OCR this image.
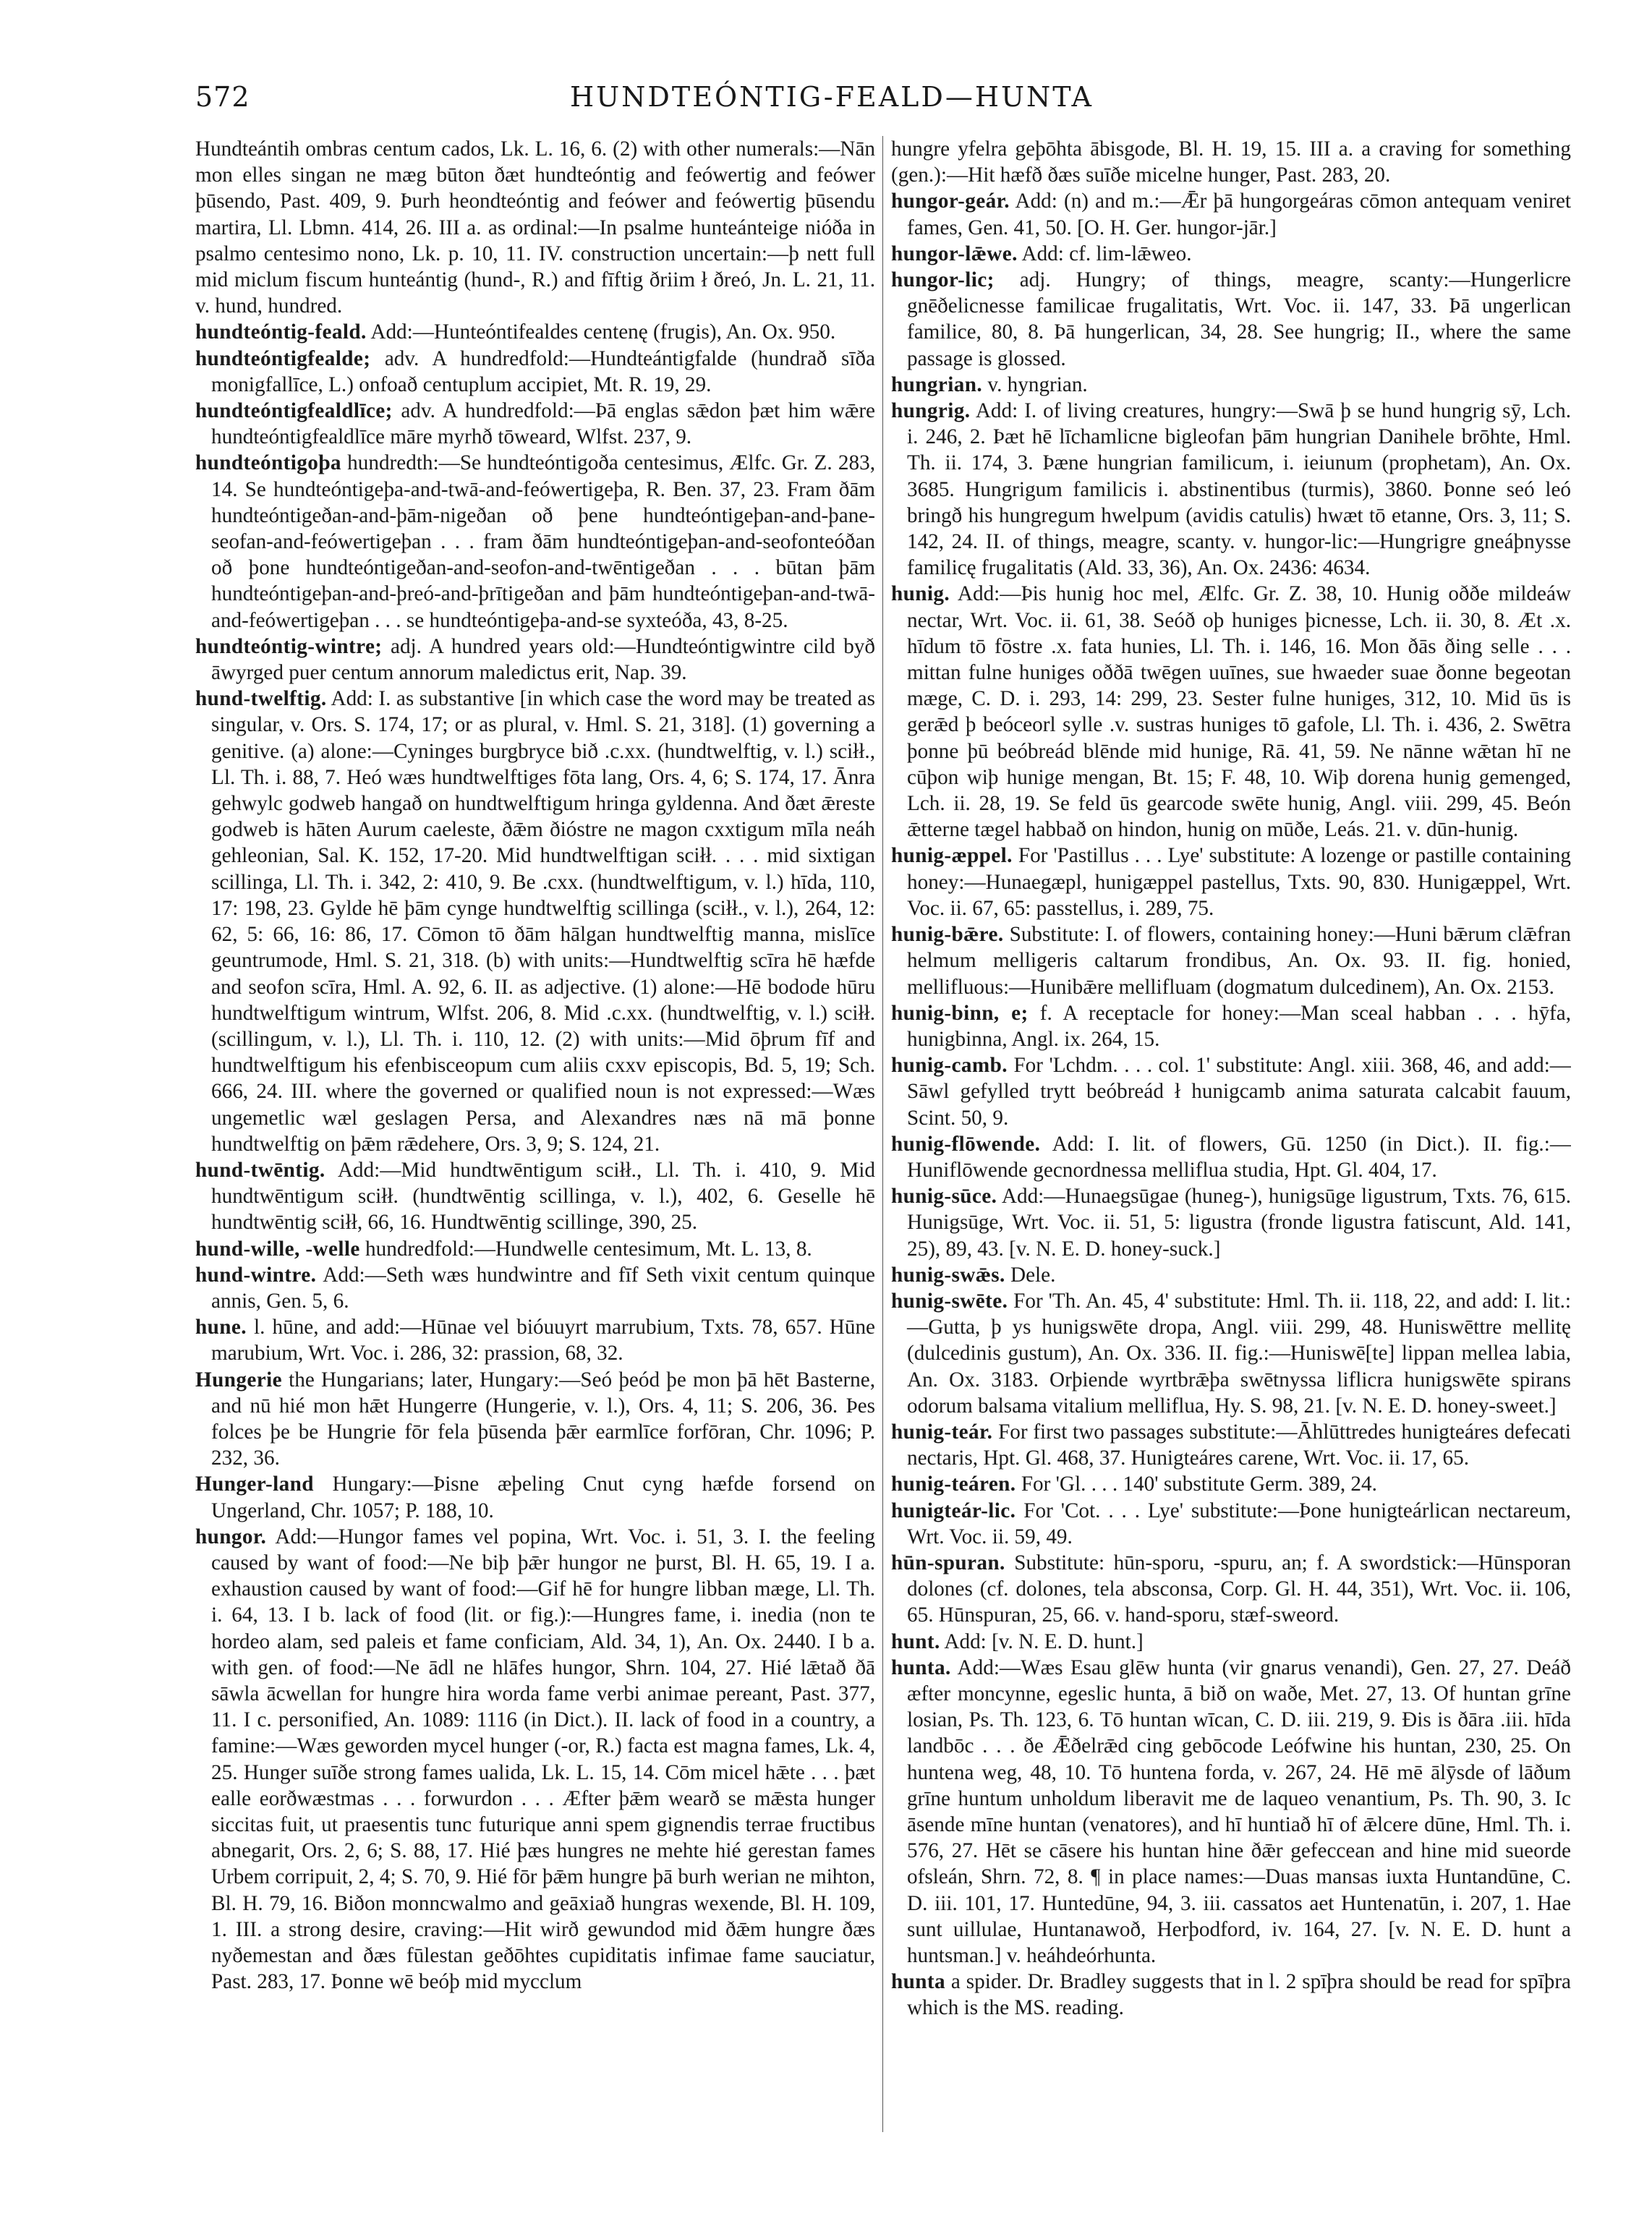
572	HUNDTEÓNTIG-FEALD—HUNTA

Hundteántih ombras centum cados, Lk. L. 16, 6. (2) with other numerals:—Nān mon elles singan ne mæg būton ðæt hundteóntig and feówertig and feówer þūsendo, Past. 409, 9. Þurh heondteóntig and feówer and feówertig þūsendu martira, Ll. Lbmn. 414, 26. III a. as ordinal:—In psalme hunteánteige nióða in psalmo centesimo nono, Lk. p. 10, 11. IV. construction uncertain:—þ nett full mid miclum fiscum hunteántig (hund-, R.) and fīftig ðriim ł ðreó, Jn. L. 21, 11. v. hund, hundred.

hundteóntig-feald. Add:—Hunteóntifealdes centenę (frugis), An. Ox. 950.

hundteóntigfealde; adv. A hundredfold:—Hundteántigfalde (hundrað sīða monigfallīce, L.) onfoað centuplum accipiet, Mt. R. 19, 29.

hundteóntigfealdlīce; adv. A hundredfold:—Þā englas sǣdon þæt him wǣre hundteóntigfealdlīce māre myrhð tōweard, Wlfst. 237, 9.

hundteóntigoþa hundredth:—Se hundteóntigoða centesimus, Ælfc. Gr. Z. 283, 14. Se hundteóntigeþa-and-twā-and-feówertigeþa, R. Ben. 37, 23. Fram ðām hundteóntigeðan-and-þām-nigeðan oð þene hundteóntigeþan-and-þane-seofan-and-feówertigeþan . . . fram ðām hundteóntigeþan-and-seofonteóðan oð þone hundteóntigeðan-and-seofon-and-twēntigeðan . . . būtan þām hundteóntigeþan-and-þreó-and-þrītigeðan and þām hundteóntigeþan-and-twā-and-feówertigeþan . . . se hundteóntigeþa-and-se syxteóða, 43, 8-25.

hundteóntig-wintre; adj. A hundred years old:—Hundteóntigwintre cild byð āwyrged puer centum annorum maledictus erit, Nap. 39.

hund-twelftig. Add: I. as substantive [in which case the word may be treated as singular, v. Ors. S. 174, 17; or as plural, v. Hml. S. 21, 318]. (1) governing a genitive. (a) alone:—Cyninges burgbryce bið .c.xx. (hundtwelftig, v. l.) sciłł., Ll. Th. i. 88, 7. Heó wæs hundtwelftiges fōta lang, Ors. 4, 6; S. 174, 17. Ānra gehwylc godweb hangað on hundtwelftigum hringa gyldenna. And ðæt ǣreste godweb is hāten Aurum caeleste, ðǣm ðióstre ne magon cxxtigum mīla neáh gehleonian, Sal. K. 152, 17-20. Mid hundtwelftigan sciłł. . . . mid sixtigan scillinga, Ll. Th. i. 342, 2: 410, 9. Be .cxx. (hundtwelftigum, v. l.) hīda, 110, 17: 198, 23. Gylde hē þām cynge hundtwelftig scillinga (sciłł., v. l.), 264, 12: 62, 5: 66, 16: 86, 17. Cōmon tō ðām hālgan hundtwelftig manna, mislīce geuntrumode, Hml. S. 21, 318. (b) with units:—Hundtwelftig scīra hē hæfde and seofon scīra, Hml. A. 92, 6. II. as adjective. (1) alone:—Hē bodode hūru hundtwelftigum wintrum, Wlfst. 206, 8. Mid .c.xx. (hundtwelftig, v. l.) sciłł. (scillingum, v. l.), Ll. Th. i. 110, 12. (2) with units:—Mid ōþrum fīf and hundtwelftigum his efenbisceopum cum aliis cxxv episcopis, Bd. 5, 19; Sch. 666, 24. III. where the governed or qualified noun is not expressed:—Wæs ungemetlic wæl geslagen Persa, and Alexandres næs nā mā þonne hundtwelftig on þǣm rǣdehere, Ors. 3, 9; S. 124, 21.

hund-twēntig. Add:—Mid hundtwēntigum sciłł., Ll. Th. i. 410, 9. Mid hundtwēntigum sciłł. (hundtwēntig scillinga, v. l.), 402, 6. Geselle hē hundtwēntig sciłł, 66, 16. Hundtwēntig scillinge, 390, 25.

hund-wille, -welle hundredfold:—Hundwelle centesimum, Mt. L. 13, 8.

hund-wintre. Add:—Seth wæs hundwintre and fīf Seth vixit centum quinque annis, Gen. 5, 6.

hune. l. hūne, and add:—Hūnae vel bióuuyrt marrubium, Txts. 78, 657. Hūne marubium, Wrt. Voc. i. 286, 32: prassion, 68, 32.

Hungerie the Hungarians; later, Hungary:—Seó þeód þe mon þā hēt Basterne, and nū hié mon hǣt Hungerre (Hungerie, v. l.), Ors. 4, 11; S. 206, 36. Þes folces þe be Hungrie fōr fela þūsenda þǣr earmlīce forfōran, Chr. 1096; P. 232, 36.

Hunger-land Hungary:—Þisne æþeling Cnut cyng hæfde forsend on Ungerland, Chr. 1057; P. 188, 10.

hungor. Add:—Hungor fames vel popina, Wrt. Voc. i. 51, 3. I. the feeling caused by want of food:—Ne biþ þǣr hungor ne þurst, Bl. H. 65, 19. I a. exhaustion caused by want of food:—Gif hē for hungre libban mæge, Ll. Th. i. 64, 13. I b. lack of food (lit. or fig.):—Hungres fame, i. inedia (non te hordeo alam, sed paleis et fame conficiam, Ald. 34, 1), An. Ox. 2440. I b a. with gen. of food:—Ne ādl ne hlāfes hungor, Shrn. 104, 27. Hié lǣtað ðā sāwla ācwellan for hungre hira worda fame verbi animae pereant, Past. 377, 11. I c. personified, An. 1089: 1116 (in Dict.). II. lack of food in a country, a famine:—Wæs geworden mycel hunger (-or, R.) facta est magna fames, Lk. 4, 25. Hunger suīðe strong fames ualida, Lk. L. 15, 14. Cōm micel hǣte . . . þæt ealle eorðwæstmas . . . forwurdon . . . Æfter þǣm wearð se mǣsta hunger siccitas fuit, ut praesentis tunc futurique anni spem gignendis terrae fructibus abnegarit, Ors. 2, 6; S. 88, 17. Hié þæs hungres ne mehte hié gerestan fames Urbem corripuit, 2, 4; S. 70, 9. Hié fōr þǣm hungre þā burh werian ne mihton, Bl. H. 79, 16. Biðon monncwalmo and geāxiað hungras wexende, Bl. H. 109, 1. III. a strong desire, craving:—Hit wirð gewundod mid ðǣm hungre ðæs nyðemestan and ðæs fūlestan geðōhtes cupiditatis infimae fame sauciatur, Past. 283, 17. Þonne wē beóþ mid mycclum

hungre yfelra geþōhta ābisgode, Bl. H. 19, 15. III a. a craving for something (gen.):—Hit hæfð ðæs suīðe micelne hunger, Past. 283, 20.

hungor-geár. Add: (n) and m.:—Ǣr þā hungorgeáras cōmon antequam veniret fames, Gen. 41, 50. [O. H. Ger. hungor-jār.]

hungor-lǣwe. Add: cf. lim-lǣweo.

hungor-lic; adj. Hungry; of things, meagre, scanty:—Hungerlicre gnēðelicnesse familicae frugalitatis, Wrt. Voc. ii. 147, 33. Þā ungerlican familice, 80, 8. Þā hungerlican, 34, 28. See hungrig; II., where the same passage is glossed.

hungrian. v. hyngrian.

hungrig. Add: I. of living creatures, hungry:—Swā þ se hund hungrig sȳ, Lch. i. 246, 2. Þæt hē līchamlicne bigleofan þām hungrian Danihele brōhte, Hml. Th. ii. 174, 3. Þæne hungrian familicum, i. ieiunum (prophetam), An. Ox. 3685. Hungrigum familicis i. abstinentibus (turmis), 3860. Þonne seó leó bringð his hungregum hwelpum (avidis catulis) hwæt tō etanne, Ors. 3, 11; S. 142, 24. II. of things, meagre, scanty. v. hungor-lic:—Hungrigre gneáþnysse familicę frugalitatis (Ald. 33, 36), An. Ox. 2436: 4634.

hunig. Add:—Þis hunig hoc mel, Ælfc. Gr. Z. 38, 10. Hunig oððe mildeáw nectar, Wrt. Voc. ii. 61, 38. Seóð oþ huniges þicnesse, Lch. ii. 30, 8. Æt .x. hīdum tō fōstre .x. fata hunies, Ll. Th. i. 146, 16. Mon ðās ðing selle . . . mittan fulne huniges oððā twēgen uuīnes, sue hwaeder suae ðonne begeotan mæge, C. D. i. 293, 14: 299, 23. Sester fulne huniges, 312, 10. Mid ūs is gerǣd þ beóceorl sylle .v. sustras huniges tō gafole, Ll. Th. i. 436, 2. Swētra þonne þū beóbreád blēnde mid hunige, Rā. 41, 59. Ne nānne wǣtan hī ne cūþon wiþ hunige mengan, Bt. 15; F. 48, 10. Wiþ dorena hunig gemenged, Lch. ii. 28, 19. Se feld ūs gearcode swēte hunig, Angl. viii. 299, 45. Beón ǣtterne tægel habbað on hindon, hunig on mūðe, Leás. 21. v. dūn-hunig.

hunig-æppel. For 'Pastillus . . . Lye' substitute: A lozenge or pastille containing honey:—Hunaegæpl, hunigæppel pastellus, Txts. 90, 830. Hunigæppel, Wrt. Voc. ii. 67, 65: passtellus, i. 289, 75.

hunig-bǣre. Substitute: I. of flowers, containing honey:—Huni bǣrum clǣfran helmum melligeris caltarum frondibus, An. Ox. 93. II. fig. honied, mellifluous:—Hunibǣre mellifluam (dogmatum dulcedinem), An. Ox. 2153.

hunig-binn, e; f. A receptacle for honey:—Man sceal habban . . . hȳfa, hunigbinna, Angl. ix. 264, 15.

hunig-camb. For 'Lchdm. . . . col. 1' substitute: Angl. xiii. 368, 46, and add:—Sāwl gefylled trytt beóbreád ł hunigcamb anima saturata calcabit fauum, Scint. 50, 9.

hunig-flōwende. Add: I. lit. of flowers, Gū. 1250 (in Dict.). II. fig.:—Huniflōwende gecnordnessa melliflua studia, Hpt. Gl. 404, 17.

hunig-sūce. Add:—Hunaegsūgae (huneg-), hunigsūge ligustrum, Txts. 76, 615. Hunigsūge, Wrt. Voc. ii. 51, 5: ligustra (fronde ligustra fatiscunt, Ald. 141, 25), 89, 43. [v. N. E. D. honey-suck.]

hunig-swǣs. Dele.

hunig-swēte. For 'Th. An. 45, 4' substitute: Hml. Th. ii. 118, 22, and add: I. lit.:—Gutta, þ ys hunigswēte dropa, Angl. viii. 299, 48. Huniswēttre mellitę (dulcedinis gustum), An. Ox. 336. II. fig.:—Huniswē[te] lippan mellea labia, An. Ox. 3183. Orþiende wyrtbrǣþa swētnyssa liflicra hunigswēte spirans odorum balsama vitalium melliflua, Hy. S. 98, 21. [v. N. E. D. honey-sweet.]

hunig-teár. For first two passages substitute:—Āhlūttredes hunigteáres defecati nectaris, Hpt. Gl. 468, 37. Hunigteáres carene, Wrt. Voc. ii. 17, 65.

hunig-teáren. For 'Gl. . . . 140' substitute Germ. 389, 24.

hunigteár-lic. For 'Cot. . . . Lye' substitute:—Þone hunigteárlican nectareum, Wrt. Voc. ii. 59, 49.

hūn-spuran. Substitute: hūn-sporu, -spuru, an; f. A swordstick:—Hūnsporan dolones (cf. dolones, tela absconsa, Corp. Gl. H. 44, 351), Wrt. Voc. ii. 106, 65. Hūnspuran, 25, 66. v. hand-sporu, stæf-sweord.

hunt. Add: [v. N. E. D. hunt.]

hunta. Add:—Wæs Esau glēw hunta (vir gnarus venandi), Gen. 27, 27. Deáð æfter moncynne, egeslic hunta, ā bið on waðe, Met. 27, 13. Of huntan grīne losian, Ps. Th. 123, 6. Tō huntan wīcan, C. D. iii. 219, 9. Ðis is ðāra .iii. hīda landbōc . . . ðe Ǣðelrǣd cing gebōcode Leófwine his huntan, 230, 25. On huntena weg, 48, 10. Tō huntena forda, v. 267, 24. Hē mē ālȳsde of lāðum grīne huntum unholdum liberavit me de laqueo venantium, Ps. Th. 90, 3. Ic āsende mīne huntan (venatores), and hī huntiað hī of ǣlcere dūne, Hml. Th. i. 576, 27. Hēt se cāsere his huntan hine ðǣr gefeccean and hine mid sueorde ofsleán, Shrn. 72, 8. ¶ in place names:—Duas mansas iuxta Huntandūne, C. D. iii. 101, 17. Huntedūne, 94, 3. iii. cassatos aet Huntenatūn, i. 207, 1. Hae sunt uillulae, Huntanawoð, Herþodford, iv. 164, 27. [v. N. E. D. hunt a huntsman.] v. heáhdeórhunta.

hunta a spider. Dr. Bradley suggests that in l. 2 spīþra should be read for spīþra which is the MS. reading.
